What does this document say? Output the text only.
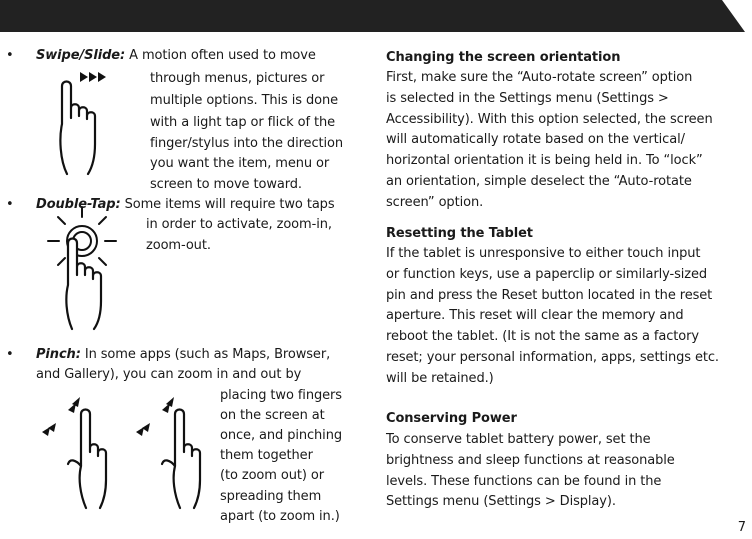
• Swipe/Slide: A motion often used to move
through menus, pictures or
multiple options. This is done
with a light tap or flick of the
finger/stylus into the direction
you want the item, menu or
screen to move toward.
• Double-Tap: Some items will require two taps
in order to activate, zoom-in,
zoom-out.
• Pinch: In some apps (such as Maps, Browser,
and Gallery), you can zoom in and out by
placing two fingers
on the screen at
once, and pinching
them together
(to zoom out) or
spreading them
apart (to zoom in.)
Changing the screen orientation
First, make sure the “Auto-rotate screen” option
is selected in the Settings menu (Settings >
Accessibility). With this option selected, the screen
will automatically rotate based on the vertical/
horizontal orientation it is being held in. To “lock”
an orientation, simple deselect the “Auto-rotate
screen” option.
Resetting the Tablet
If the tablet is unresponsive to either touch input
or function keys, use a paperclip or similarly-sized
pin and press the Reset button located in the reset
aperture. This reset will clear the memory and
reboot the tablet. (It is not the same as a factory
reset; your personal information, apps, settings etc.
will be retained.)
Conserving Power
To conserve tablet battery power, set the
brightness and sleep functions at reasonable
levels. These functions can be found in the
Settings menu (Settings > Display).
7
